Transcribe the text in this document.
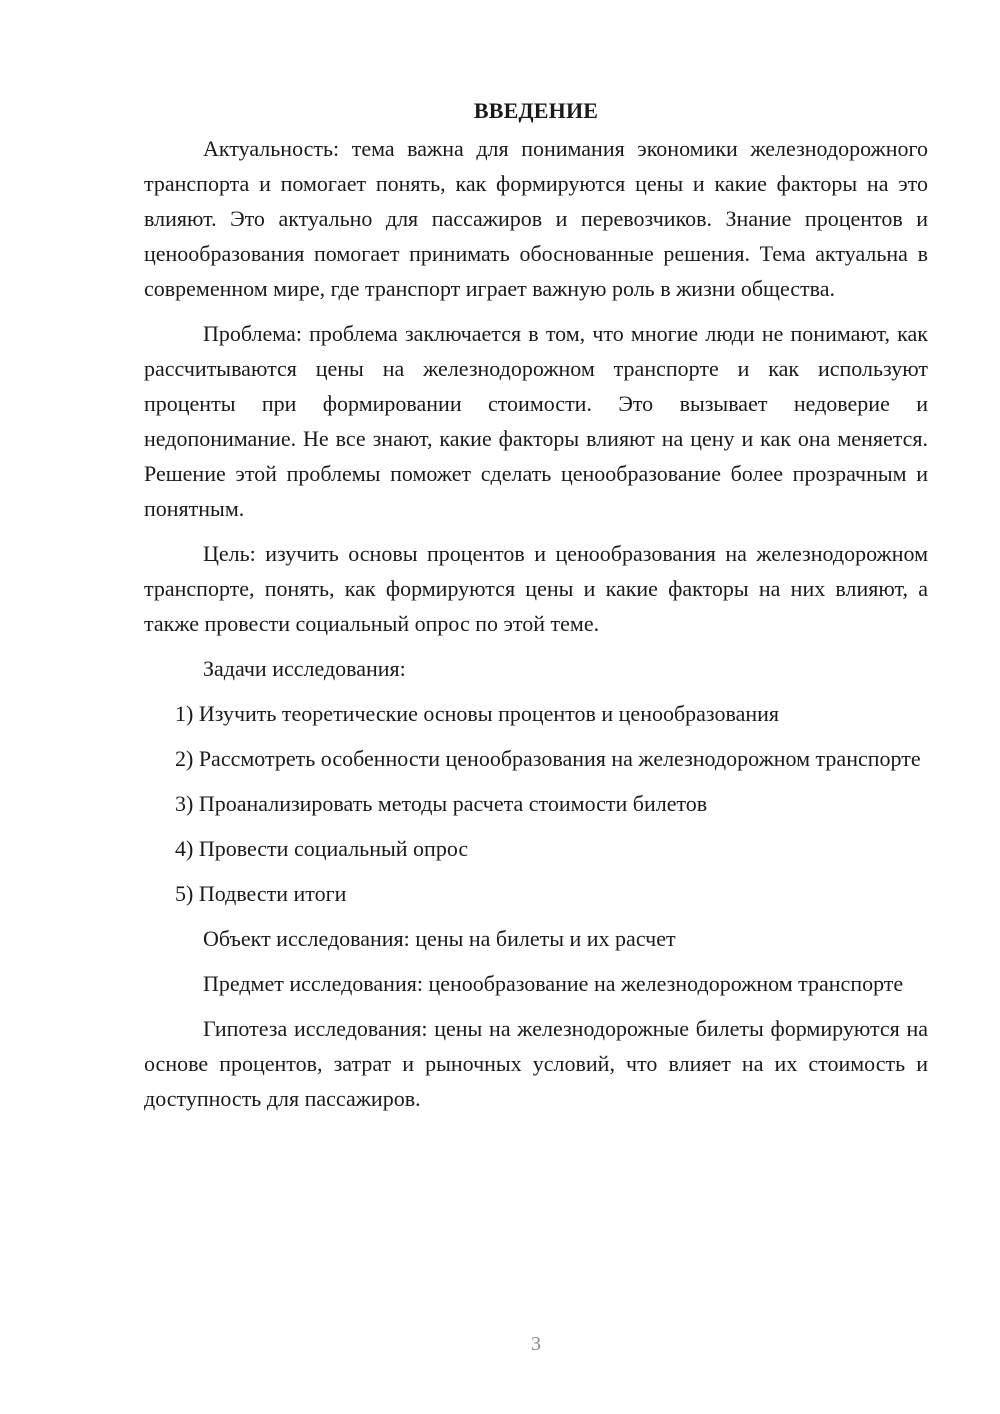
ВВЕДЕНИЕ

Актуальность: тема важна для понимания экономики железнодорожного транспорта и помогает понять, как формируются цены и какие факторы на это влияют. Это актуально для пассажиров и перевозчиков. Знание процентов и ценообразования помогает принимать обоснованные решения. Тема актуальна в современном мире, где транспорт играет важную роль в жизни общества.

Проблема: проблема заключается в том, что многие люди не понимают, как рассчитываются цены на железнодорожном транспорте и как используют проценты при формировании стоимости. Это вызывает недоверие и недопонимание. Не все знают, какие факторы влияют на цену и как она меняется. Решение этой проблемы поможет сделать ценообразование более прозрачным и понятным.

Цель: изучить основы процентов и ценообразования на железнодорожном транспорте, понять, как формируются цены и какие факторы на них влияют, а также провести социальный опрос по этой теме.

Задачи исследования:

1) Изучить теоретические основы процентов и ценообразования

2) Рассмотреть особенности ценообразования на железнодорожном транспорте

3) Проанализировать методы расчета стоимости билетов

4) Провести социальный опрос

5) Подвести итоги

Объект исследования: цены на билеты и их расчет

Предмет исследования: ценообразование на железнодорожном транспорте

Гипотеза исследования: цены на железнодорожные билеты формируются на основе процентов, затрат и рыночных условий, что влияет на их стоимость и доступность для пассажиров.

3
